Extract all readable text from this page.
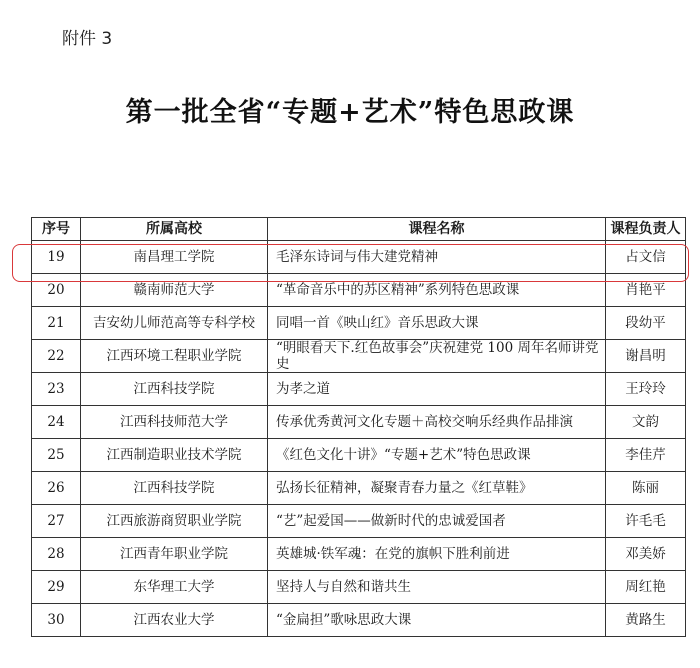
附件 3
第一批全省“专题+艺术”特色思政课
序号	所属高校	课程名称	课程负责人
19	南昌理工学院	毛泽东诗词与伟大建党精神	占文信
20	赣南师范大学	“革命音乐中的苏区精神”系列特色思政课	肖艳平
21	吉安幼儿师范高等专科学校	同唱一首《映山红》音乐思政大课	段幼平
22	江西环境工程职业学院	“明眼看天下.红色故事会”庆祝建党 100 周年名师讲党史	谢昌明
23	江西科技学院	为孝之道	王玲玲
24	江西科技师范大学	传承优秀黄河文化专题＋高校交响乐经典作品排演	文韵
25	江西制造职业技术学院	《红色文化十讲》“专题+艺术”特色思政课	李佳芹
26	江西科技学院	弘扬长征精神，凝聚青春力量之《红草鞋》	陈丽
27	江西旅游商贸职业学院	“艺”起爱国——做新时代的忠诚爱国者	许毛毛
28	江西青年职业学院	英雄城·铁军魂：在党的旗帜下胜利前进	邓美娇
29	东华理工大学	坚持人与自然和谐共生	周红艳
30	江西农业大学	“金扁担”歌咏思政大课	黄路生
